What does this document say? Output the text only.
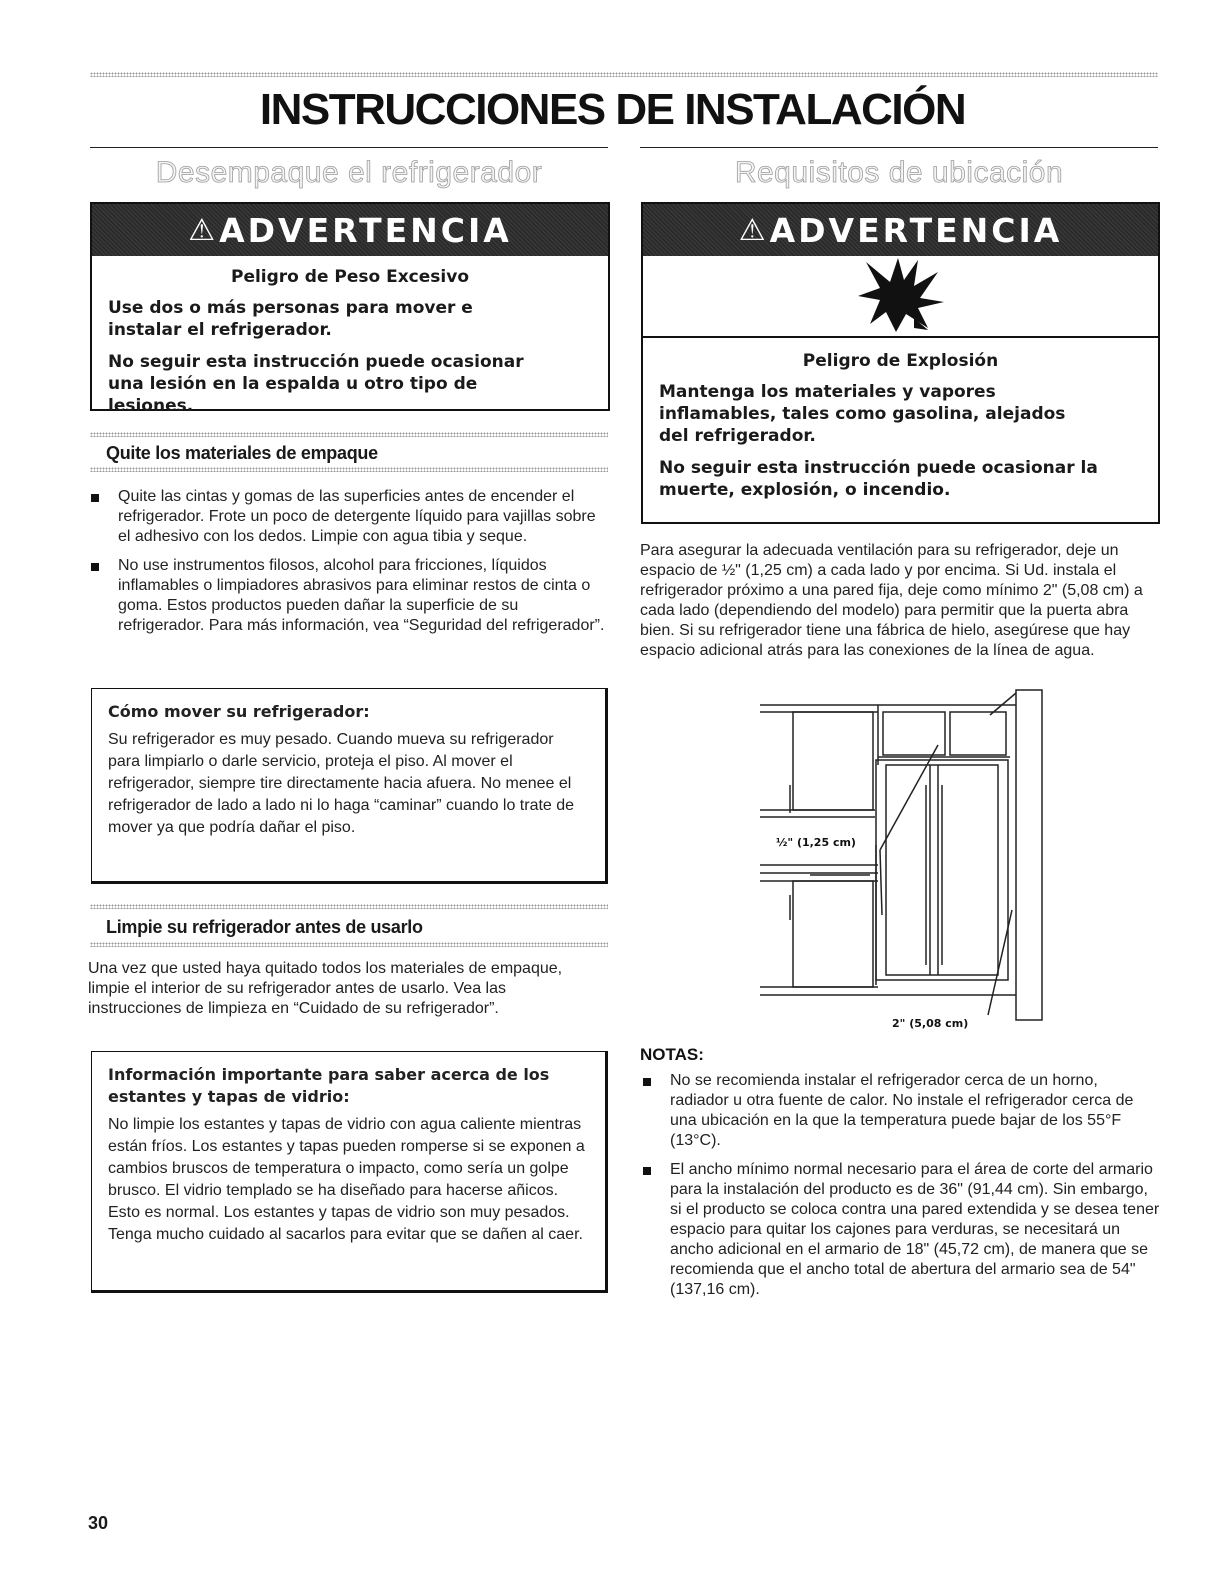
INSTRUCCIONES DE INSTALACIÓN
Desempaque el refrigerador
⚠ ADVERTENCIA
Peligro de Peso Excesivo

Use dos o más personas para mover e instalar el refrigerador.

No seguir esta instrucción puede ocasionar una lesión en la espalda u otro tipo de lesiones.

Quite los materiales de empaque
Quite las cintas y gomas de las superficies antes de encender el refrigerador. Frote un poco de detergente líquido para vajillas sobre el adhesivo con los dedos. Limpie con agua tibia y seque.
No use instrumentos filosos, alcohol para fricciones, líquidos inflamables o limpiadores abrasivos para eliminar restos de cinta o goma. Estos productos pueden dañar la superficie de su refrigerador. Para más información, vea “Seguridad del refrigerador”.
Cómo mover su refrigerador:

Su refrigerador es muy pesado. Cuando mueva su refrigerador para limpiarlo o darle servicio, proteja el piso. Al mover el refrigerador, siempre tire directamente hacia afuera. No menee el refrigerador de lado a lado ni lo haga “caminar” cuando lo trate de mover ya que podría dañar el piso.

Limpie su refrigerador antes de usarlo

Una vez que usted haya quitado todos los materiales de empaque, limpie el interior de su refrigerador antes de usarlo. Vea las instrucciones de limpieza en “Cuidado de su refrigerador”.

Información importante para saber acerca de los estantes y tapas de vidrio:

No limpie los estantes y tapas de vidrio con agua caliente mientras están fríos. Los estantes y tapas pueden romperse si se exponen a cambios bruscos de temperatura o impacto, como sería un golpe brusco. El vidrio templado se ha diseñado para hacerse añicos. Esto es normal. Los estantes y tapas de vidrio son muy pesados. Tenga mucho cuidado al sacarlos para evitar que se dañen al caer.

Requisitos de ubicación
⚠ ADVERTENCIA
Peligro de Explosión

Mantenga los materiales y vapores inflamables, tales como gasolina, alejados del refrigerador.

No seguir esta instrucción puede ocasionar la muerte, explosión, o incendio.

Para asegurar la adecuada ventilación para su refrigerador, deje un espacio de ½" (1,25 cm) a cada lado y por encima. Si Ud. instala el refrigerador próximo a una pared fija, deje como mínimo 2" (5,08 cm) a cada lado (dependiendo del modelo) para permitir que la puerta abra bien. Si su refrigerador tiene una fábrica de hielo, asegúrese que hay espacio adicional atrás para las conexiones de la línea de agua.

½" (1,25 cm)
2" (5,08 cm)
NOTAS:
No se recomienda instalar el refrigerador cerca de un horno, radiador u otra fuente de calor. No instale el refrigerador cerca de una ubicación en la que la temperatura puede bajar de los 55°F (13°C).
El ancho mínimo normal necesario para el área de corte del armario para la instalación del producto es de 36" (91,44 cm). Sin embargo, si el producto se coloca contra una pared extendida y se desea tener espacio para quitar los cajones para verduras, se necesitará un ancho adicional en el armario de 18" (45,72 cm), de manera que se recomienda que el ancho total de abertura del armario sea de 54" (137,16 cm).

30
